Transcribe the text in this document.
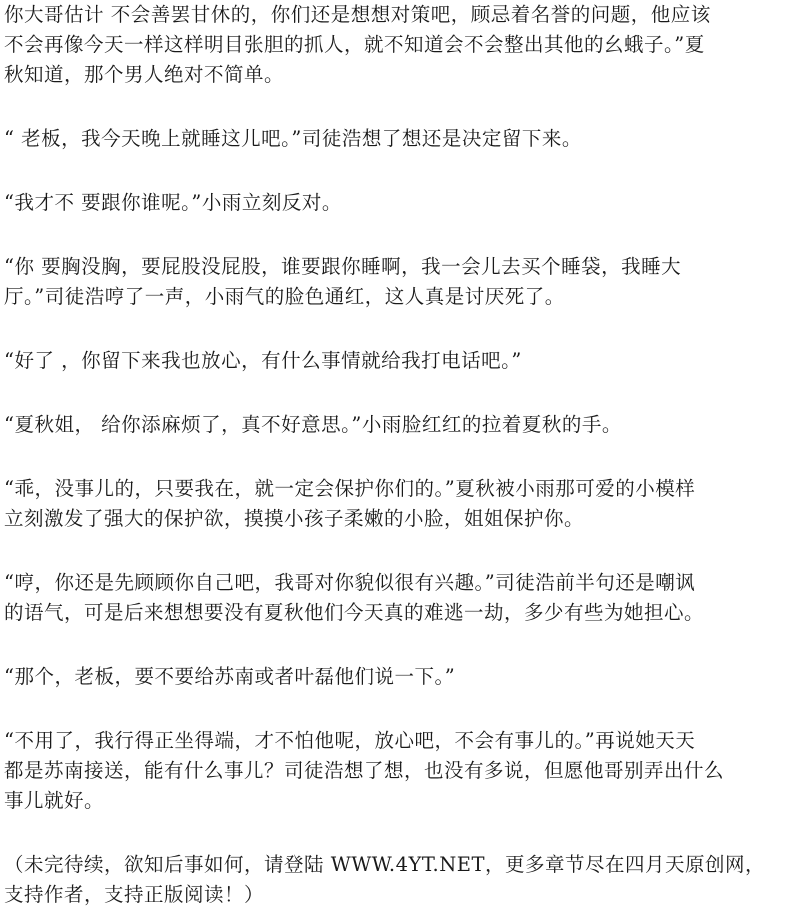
你大哥估计 不会善罢甘休的，你们还是想想对策吧，顾忌着名誉的问题，他应该
不会再像今天一样这样明目张胆的抓人，就不知道会不会整出其他的幺蛾子。”夏
秋知道，那个男人绝对不简单。
“ 老板，我今天晚上就睡这儿吧。”司徒浩想了想还是决定留下来。
“我才不 要跟你谁呢。”小雨立刻反对。
“你 要胸没胸，要屁股没屁股，谁要跟你睡啊，我一会儿去买个睡袋，我睡大
厅。”司徒浩哼了一声，小雨气的脸色通红，这人真是讨厌死了。
“好了 ，你留下来我也放心，有什么事情就给我打电话吧。”
“夏秋姐， 给你添麻烦了，真不好意思。”小雨脸红红的拉着夏秋的手。
“乖，没事儿的，只要我在，就一定会保护你们的。”夏秋被小雨那可爱的小模样
立刻激发了强大的保护欲，摸摸小孩子柔嫩的小脸，姐姐保护你。
“哼，你还是先顾顾你自己吧，我哥对你貌似很有兴趣。”司徒浩前半句还是嘲讽
的语气，可是后来想想要没有夏秋他们今天真的难逃一劫，多少有些为她担心。
“那个，老板，要不要给苏南或者叶磊他们说一下。”
“不用了，我行得正坐得端，才不怕他呢，放心吧，不会有事儿的。”再说她天天
都是苏南接送，能有什么事儿？司徒浩想了想，也没有多说，但愿他哥别弄出什么
事儿就好。
（未完待续，欲知后事如何，请登陆 WWW.4YT.NET，更多章节尽在四月天原创网，
支持作者，支持正版阅读！）
